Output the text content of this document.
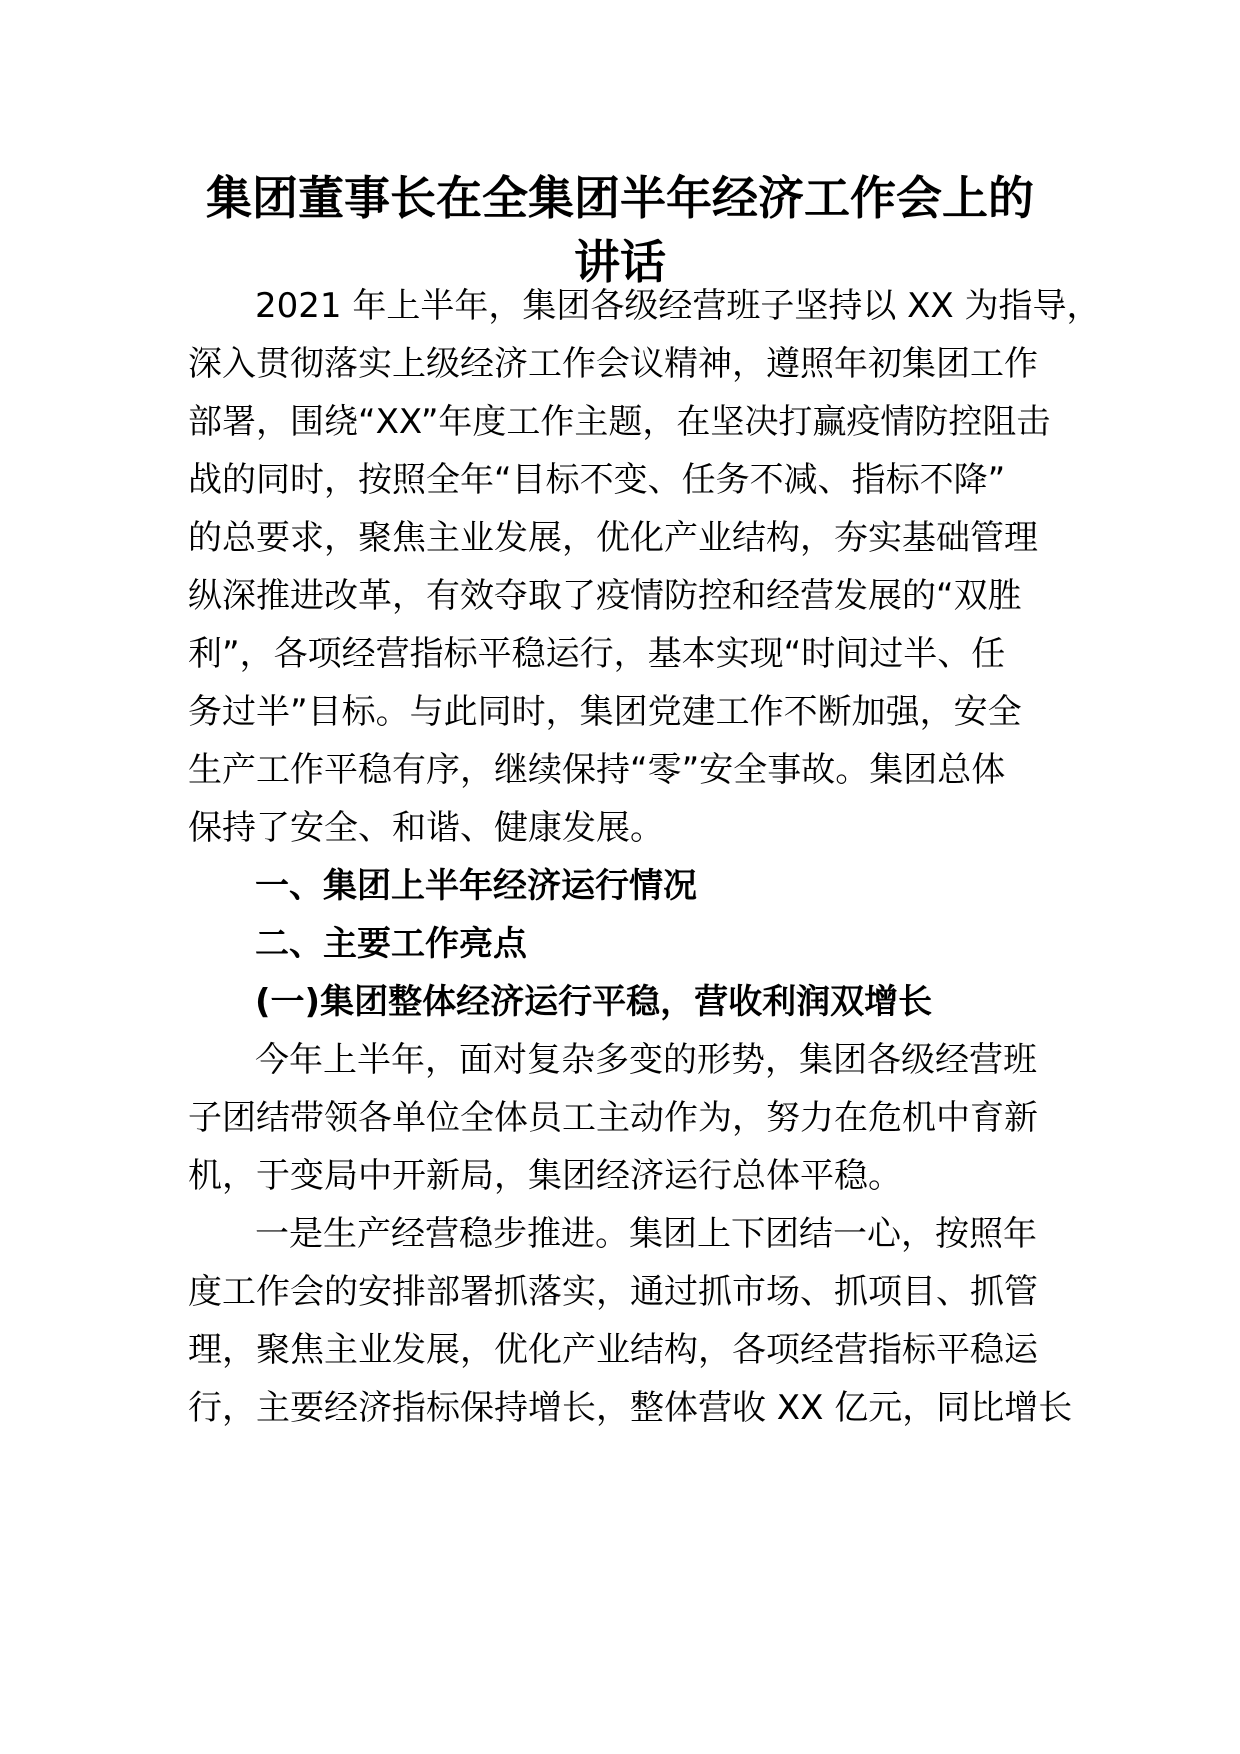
集团董事长在全集团半年经济工作会上的
讲话

2021 年上半年，集团各级经营班子坚持以 XX 为指导，

深入贯彻落实上级经济工作会议精神，遵照年初集团工作

部署，围绕“XX”年度工作主题，在坚决打赢疫情防控阻击

战的同时，按照全年“目标不变、任务不减、指标不降”

的总要求，聚焦主业发展，优化产业结构，夯实基础管理

纵深推进改革，有效夺取了疫情防控和经营发展的“双胜

利”，各项经营指标平稳运行，基本实现“时间过半、任

务过半”目标。与此同时，集团党建工作不断加强，安全

生产工作平稳有序，继续保持“零”安全事故。集团总体

保持了安全、和谐、健康发展。

一、集团上半年经济运行情况

二、主要工作亮点

(一)集团整体经济运行平稳，营收利润双增长

今年上半年，面对复杂多变的形势，集团各级经营班

子团结带领各单位全体员工主动作为，努力在危机中育新

机，于变局中开新局，集团经济运行总体平稳。

一是生产经营稳步推进。集团上下团结一心，按照年

度工作会的安排部署抓落实，通过抓市场、抓项目、抓管

理，聚焦主业发展，优化产业结构，各项经营指标平稳运

行，主要经济指标保持增长，整体营收 XX 亿元，同比增长
